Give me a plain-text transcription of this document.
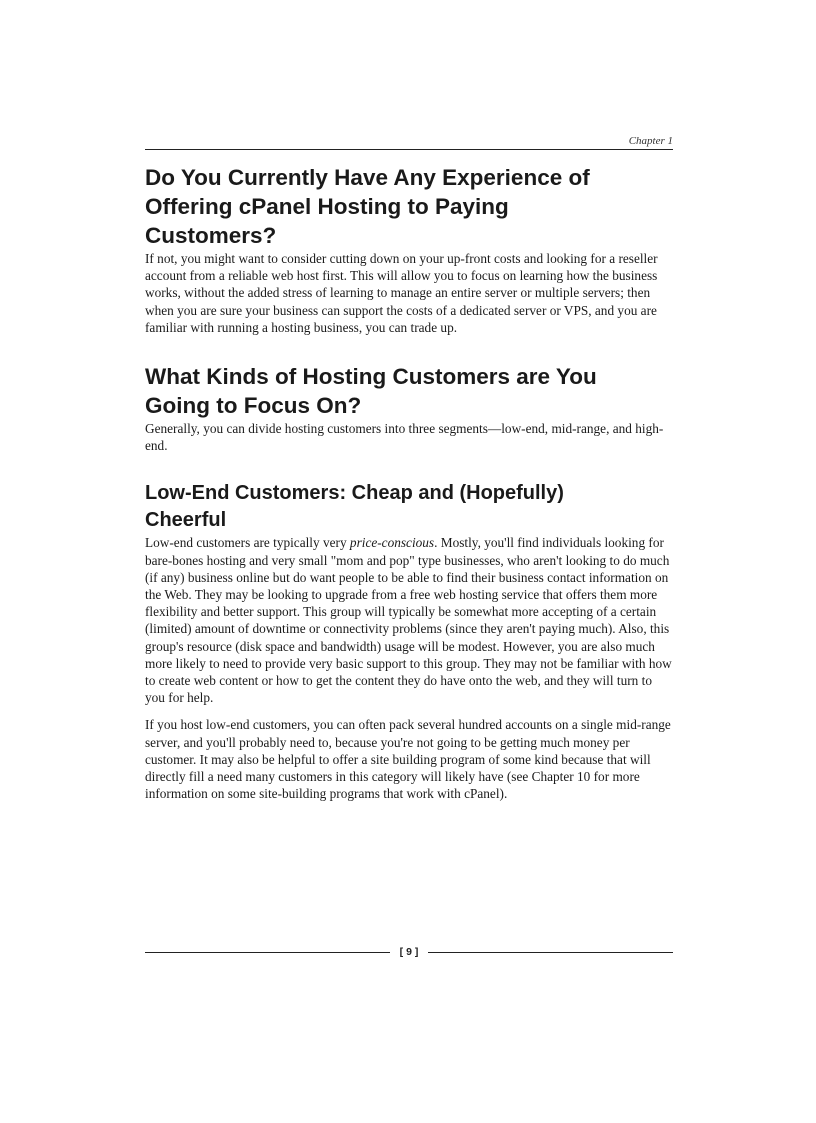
Chapter 1
Do You Currently Have Any Experience of Offering cPanel Hosting to Paying Customers?

If not, you might want to consider cutting down on your up-front costs and looking for a reseller account from a reliable web host first. This will allow you to focus on learning how the business works, without the added stress of learning to manage an entire server or multiple servers; then when you are sure your business can support the costs of a dedicated server or VPS, and you are familiar with running a hosting business, you can trade up.

What Kinds of Hosting Customers are You Going to Focus On?

Generally, you can divide hosting customers into three segments—low-end, mid-range, and high-end.

Low-End Customers: Cheap and (Hopefully) Cheerful

Low-end customers are typically very price-conscious. Mostly, you'll find individuals looking for bare-bones hosting and very small "mom and pop" type businesses, who aren't looking to do much (if any) business online but do want people to be able to find their business contact information on the Web. They may be looking to upgrade from a free web hosting service that offers them more flexibility and better support. This group will typically be somewhat more accepting of a certain (limited) amount of downtime or connectivity problems (since they aren't paying much). Also, this group's resource (disk space and bandwidth) usage will be modest. However, you are also much more likely to need to provide very basic support to this group. They may not be familiar with how to create web content or how to get the content they do have onto the web, and they will turn to you for help.

If you host low-end customers, you can often pack several hundred accounts on a single mid-range server, and you'll probably need to, because you're not going to be getting much money per customer. It may also be helpful to offer a site building program of some kind because that will directly fill a need many customers in this category will likely have (see Chapter 10 for more information on some site-building programs that work with cPanel).

[ 9 ]
